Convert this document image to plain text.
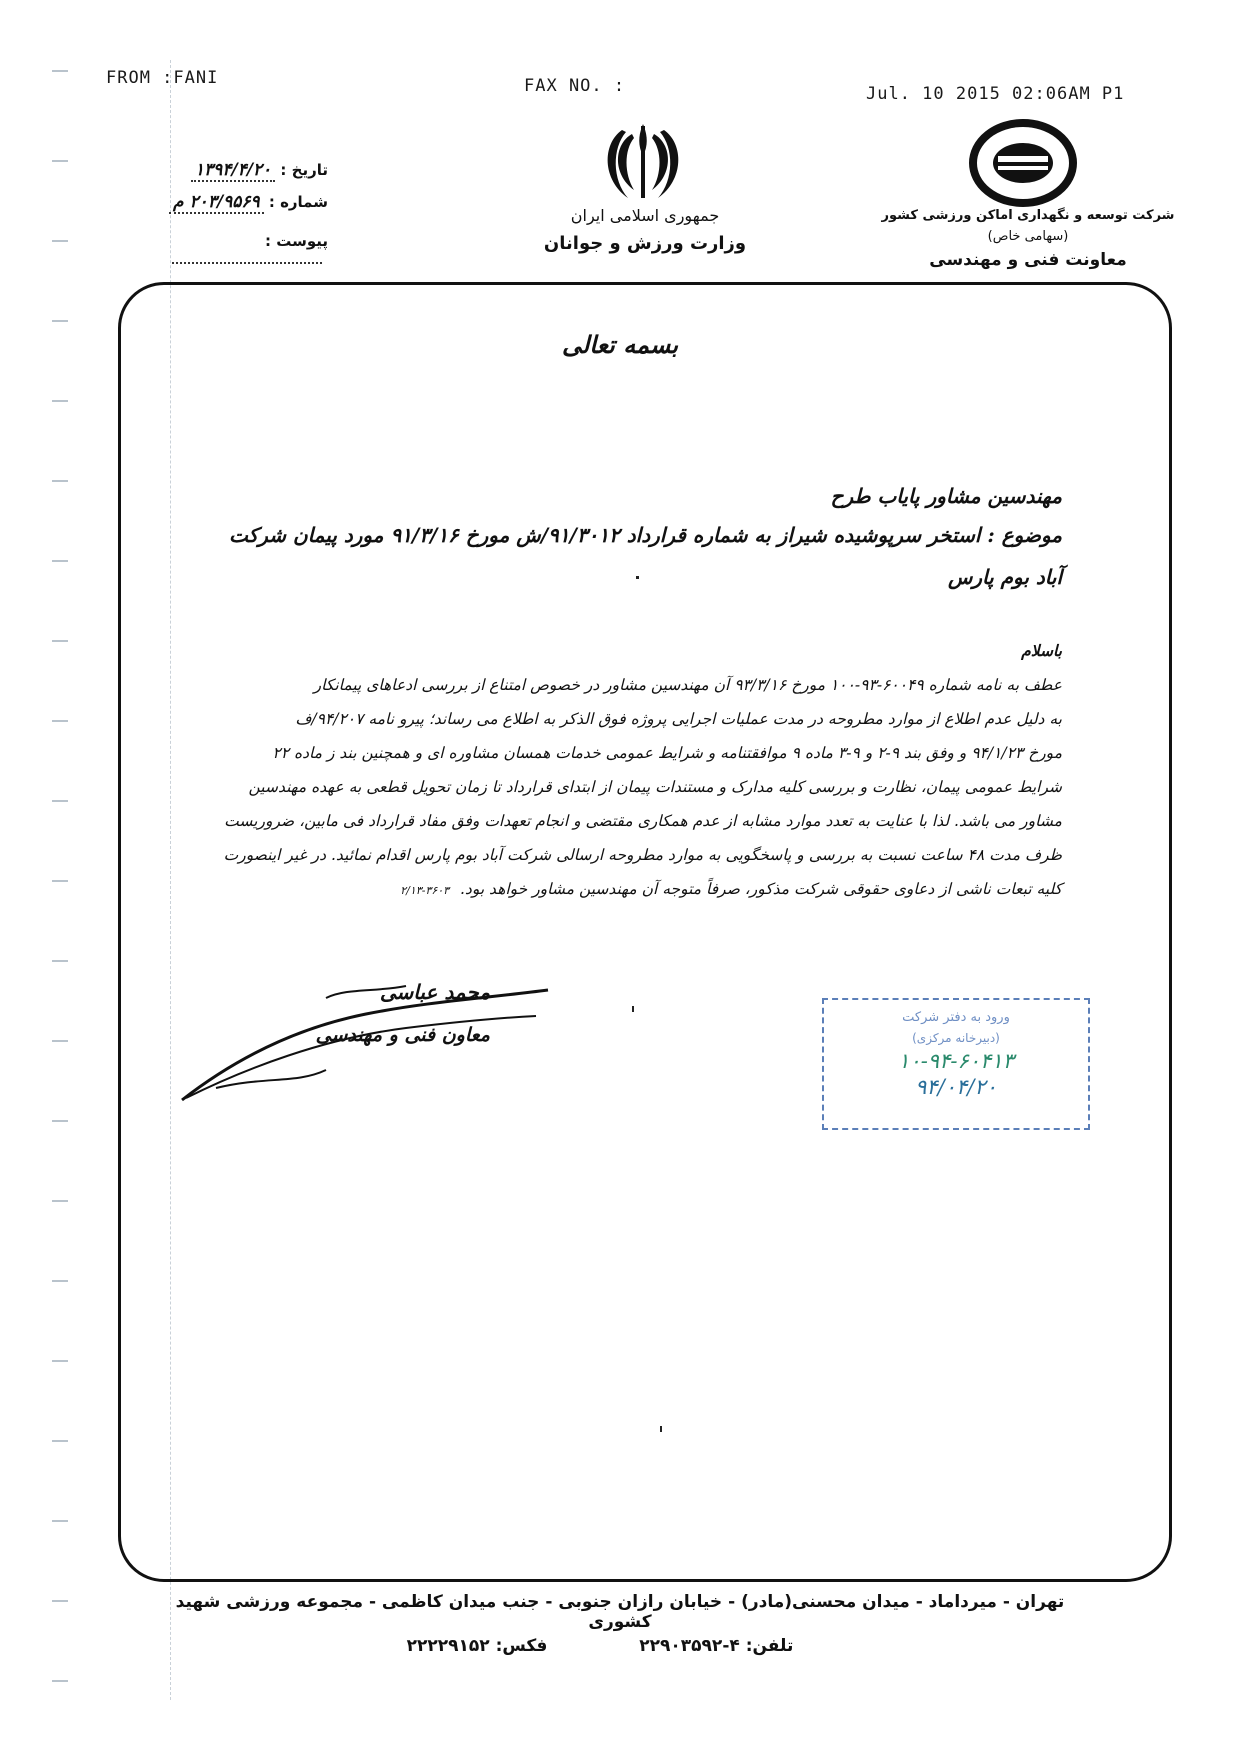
FROM :FANI	FAX NO. :	Jul. 10 2015 02:06AM P1
تاریخ : ۱۳۹۴/۴/۲۰
شماره : ۲۰۳/۹۵۶۹ م
پیوست :
جمهوری اسلامی ایران
وزارت ورزش و جوانان
شرکت توسعه و نگهداری اماکن ورزشی کشور
(سهامی خاص)
معاونت فنی و مهندسی
بسمه تعالی
مهندسین مشاور پایاب طرح
موضوع : استخر سرپوشیده شیراز به شماره قرارداد ۹۱/۳۰۱۲/ش مورخ ۹۱/۳/۱۶ مورد پیمان شرکت
آباد بوم پارس
باسلام

عطف به نامه شماره ۶۰۰۴۹-۹۳-۱۰۰ مورخ ۹۳/۳/۱۶ آن مهندسین مشاور در خصوص امتناع از بررسی ادعاهای پیمانکار

به دلیل عدم اطلاع از موارد مطروحه در مدت عملیات اجرایی پروژه فوق الذکر به اطلاع می رساند؛ پیرو نامه ۹۴/۲۰۷/ف

مورخ ۹۴/۱/۲۳ و وفق بند ۹-۲ و ۹-۳ ماده ۹ موافقتنامه و شرایط عمومی خدمات همسان مشاوره ای و همچنین بند ز ماده ۲۲

شرایط عمومی پیمان، نظارت و بررسی کلیه مدارک و مستندات پیمان از ابتدای قرارداد تا زمان تحویل قطعی به عهده مهندسین

مشاور می باشد. لذا با عنایت به تعدد موارد مشابه از عدم همکاری مقتضی و انجام تعهدات وفق مفاد قرارداد فی مابین، ضروریست

ظرف مدت ۴۸ ساعت نسبت به بررسی و پاسخگویی به موارد مطروحه ارسالی شرکت آباد بوم پارس اقدام نمائید. در غیر اینصورت

کلیه تبعات ناشی از دعاوی حقوقی شرکت مذکور، صرفاً متوجه آن مهندسین مشاور خواهد بود. ۳۶۰۳-۲/۱۳

محمد عباسی
معاون فنی و مهندسی
ورود به دفتر شرکت
(دبیرخانه مرکزی)
۱۰-۹۴-۶۰۴۱۳
۹۴/۰۴/۲۰
تهران - میرداماد - میدان محسنی(مادر) - خیابان رازان جنوبی - جنب میدان کاظمی - مجموعه ورزشی شهید کشوری
تلفن: ۴-۲۲۹۰۳۵۹۲  فکس: ۲۲۲۲۹۱۵۲
